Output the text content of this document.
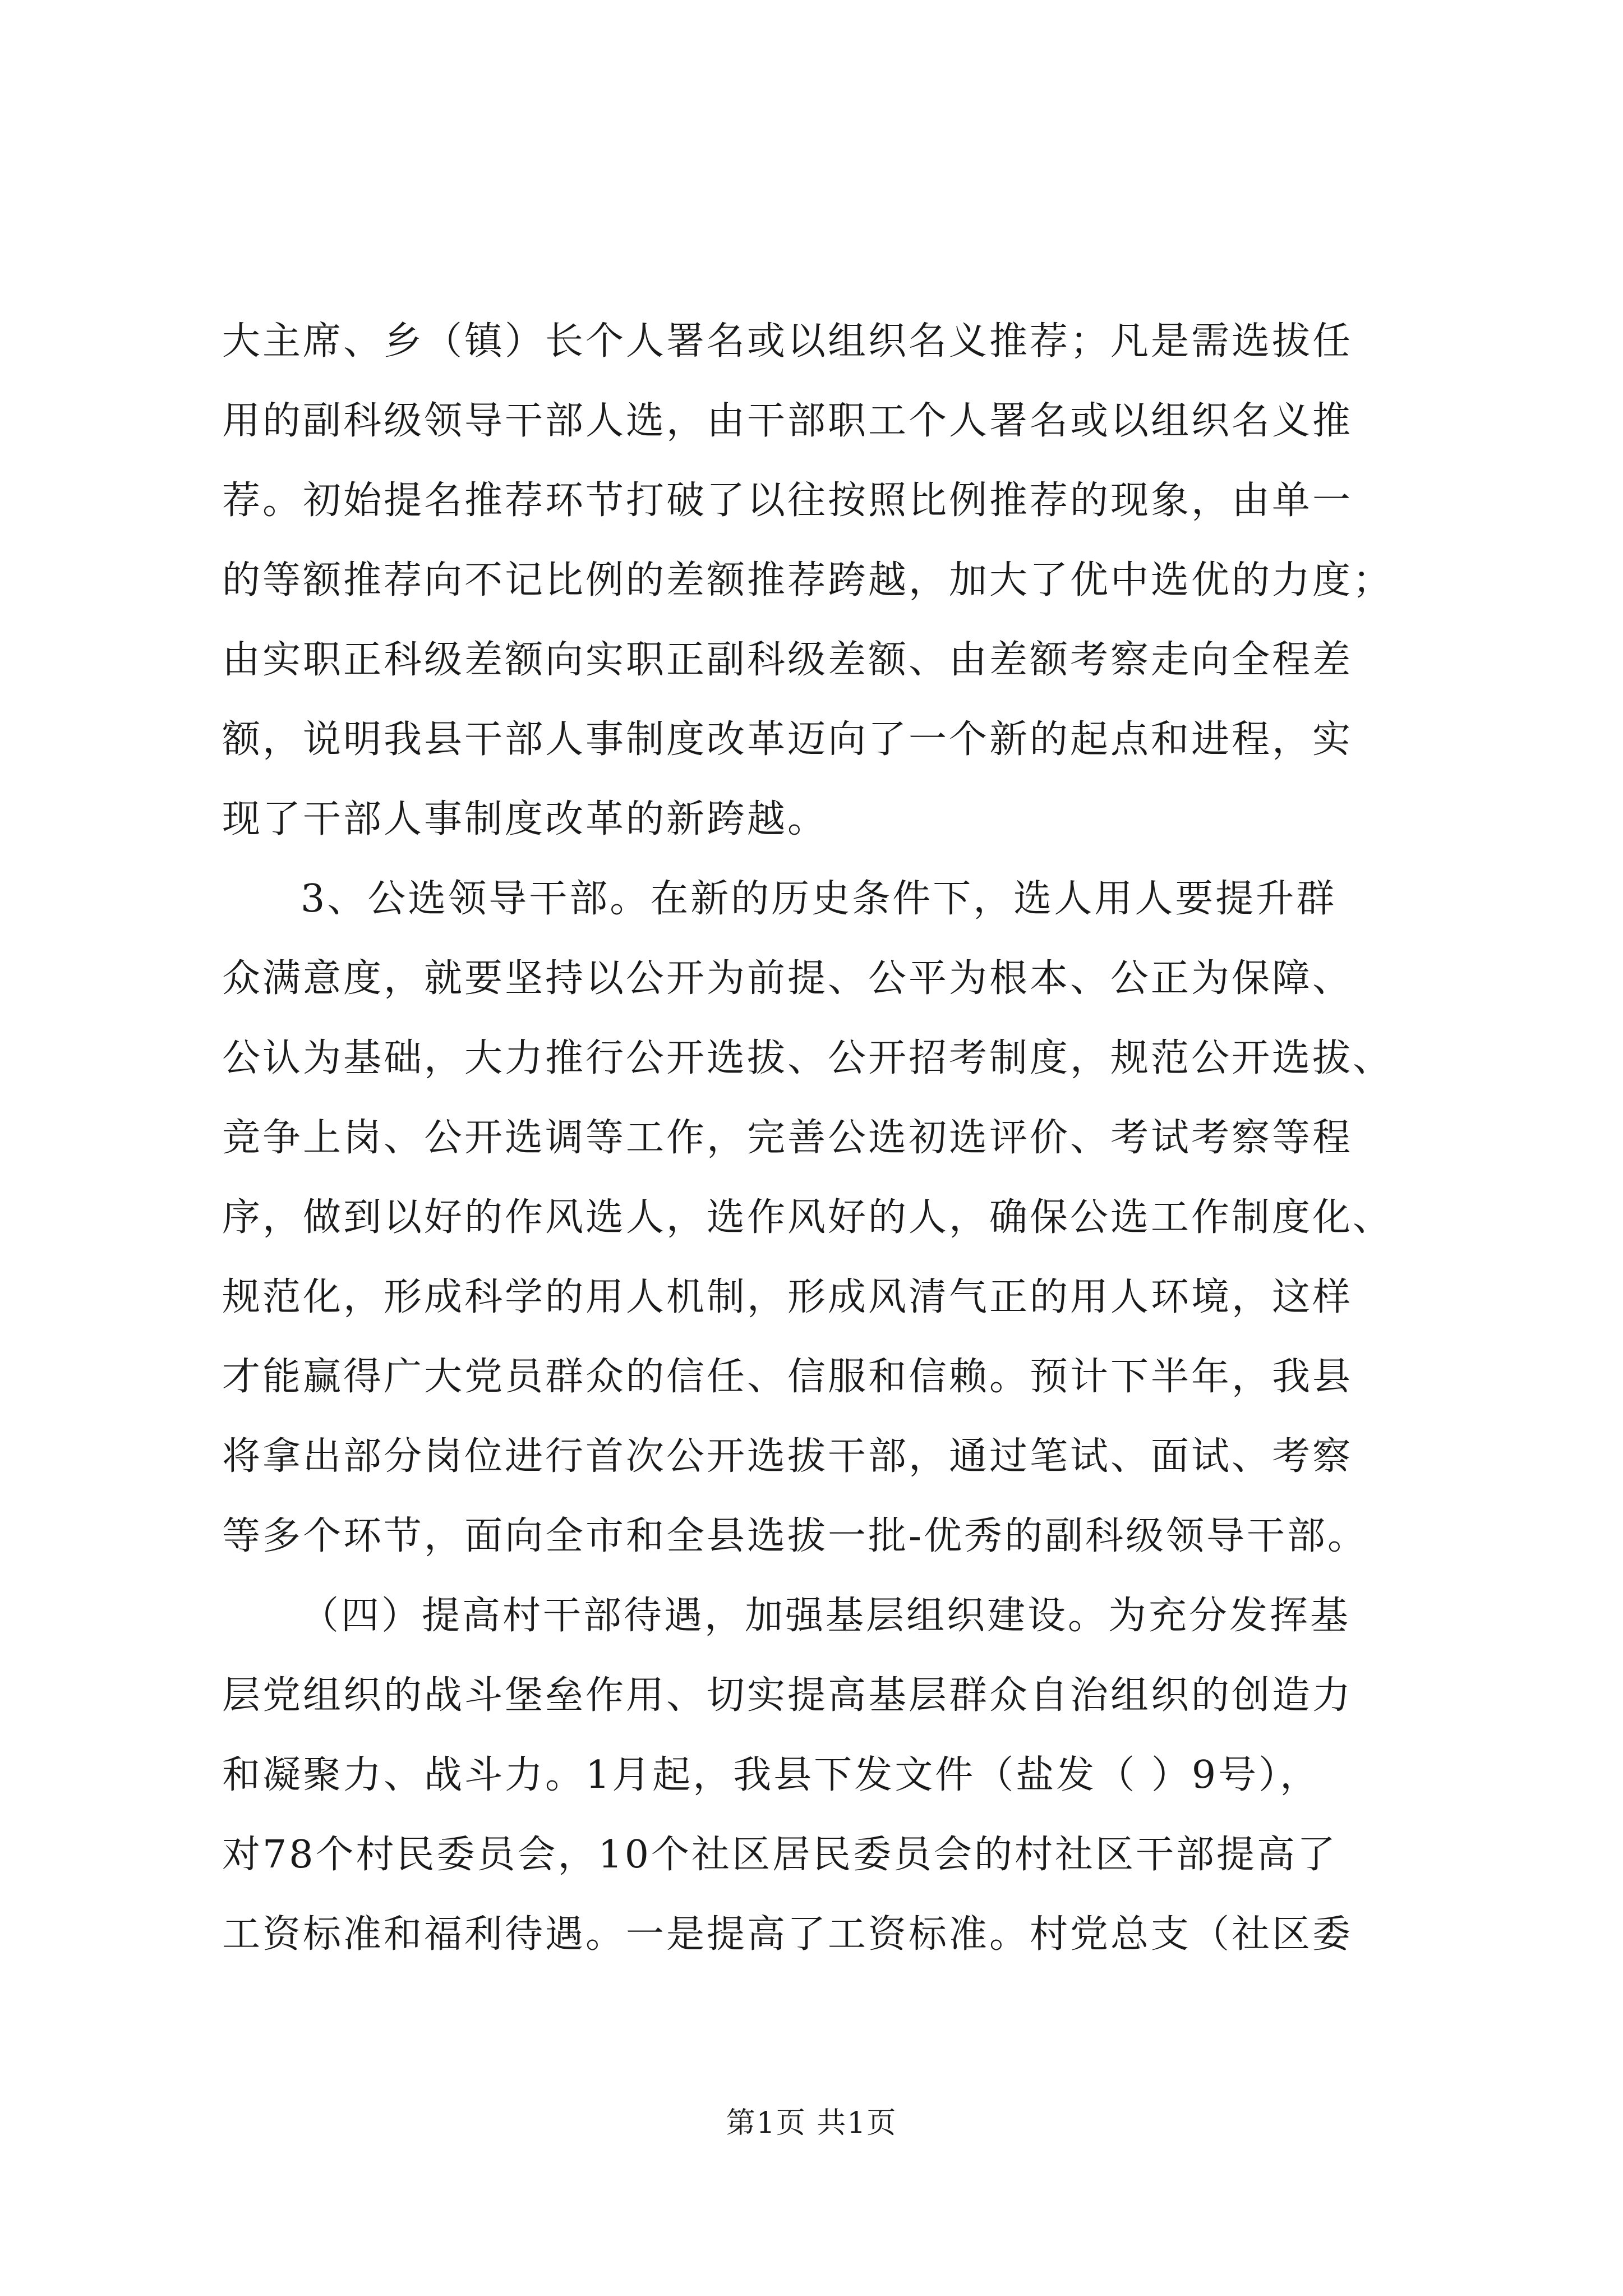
大主席、乡（镇）长个人署名或以组织名义推荐；凡是需选拔任
用的副科级领导干部人选，由干部职工个人署名或以组织名义推
荐。初始提名推荐环节打破了以往按照比例推荐的现象，由单一
的等额推荐向不记比例的差额推荐跨越，加大了优中选优的力度；
由实职正科级差额向实职正副科级差额、由差额考察走向全程差
额，说明我县干部人事制度改革迈向了一个新的起点和进程，实
现了干部人事制度改革的新跨越。
3、公选领导干部。在新的历史条件下，选人用人要提升群
众满意度，就要坚持以公开为前提、公平为根本、公正为保障、
公认为基础，大力推行公开选拔、公开招考制度，规范公开选拔、
竞争上岗、公开选调等工作，完善公选初选评价、考试考察等程
序，做到以好的作风选人，选作风好的人，确保公选工作制度化、
规范化，形成科学的用人机制，形成风清气正的用人环境，这样
才能赢得广大党员群众的信任、信服和信赖。预计下半年，我县
将拿出部分岗位进行首次公开选拔干部，通过笔试、面试、考察
等多个环节，面向全市和全县选拔一批-优秀的副科级领导干部。
（四）提高村干部待遇，加强基层组织建设。为充分发挥基
层党组织的战斗堡垒作用、切实提高基层群众自治组织的创造力
和凝聚力、战斗力。1月起，我县下发文件（盐发（ ）9号），
对78个村民委员会，10个社区居民委员会的村社区干部提高了
工资标准和福利待遇。一是提高了工资标准。村党总支（社区委
第1页 共1页
